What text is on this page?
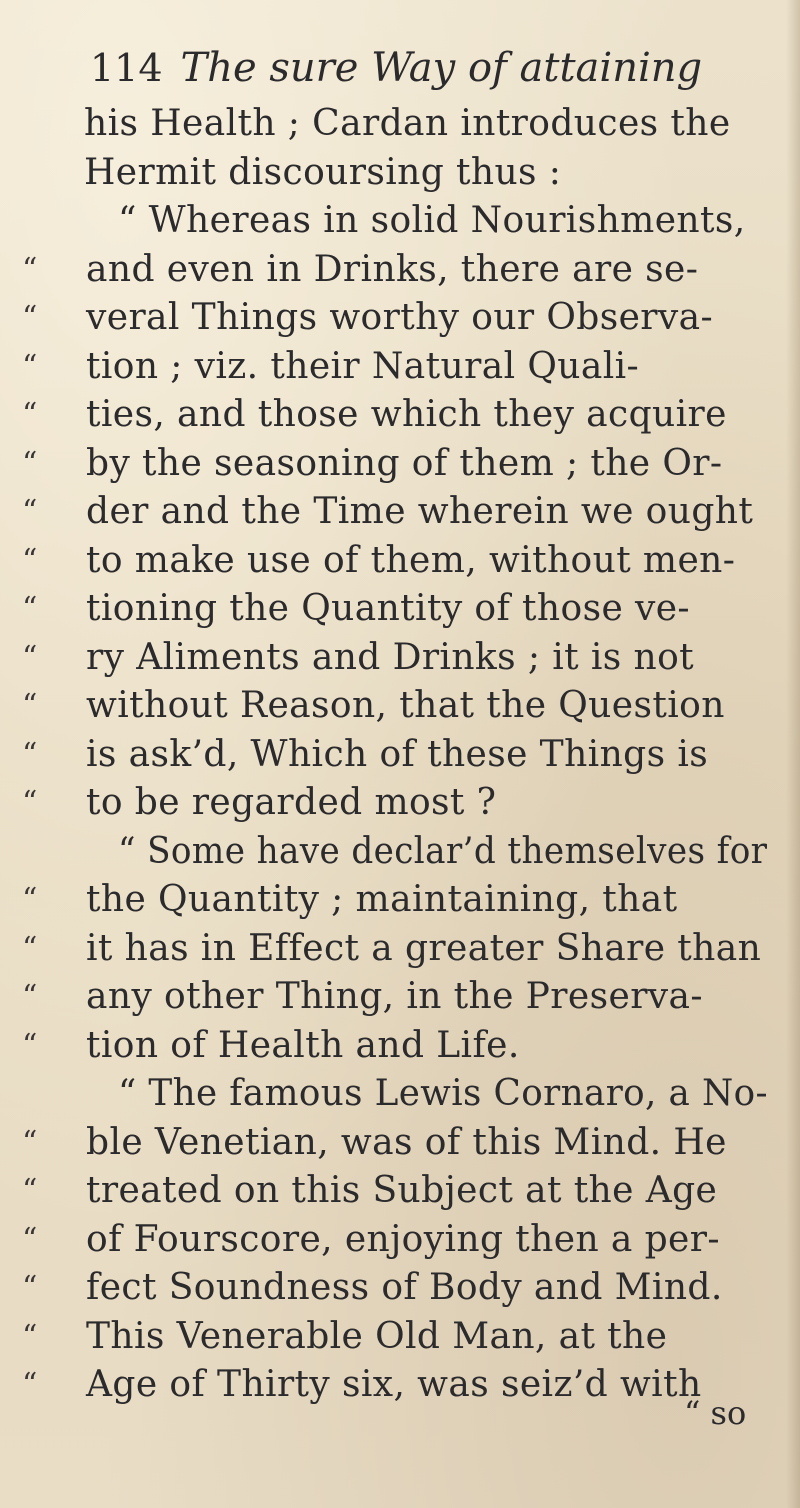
114 The sure Way of attaining
his Health ; Cardan introduces the
Hermit discoursing thus :
“ Whereas in solid Nourishments,
and even in Drinks, there are se-
“
veral Things worthy our Observa-
“
tion ; viz. their Natural Quali-
“
ties, and those which they acquire
“
by the seasoning of them ; the Or-
“
der and the Time wherein we ought
“
to make use of them, without men-
“
tioning the Quantity of those ve-
“
ry Aliments and Drinks ; it is not
“
without Reason, that the Question
“
is ask’d, Which of these Things is
“
to be regarded most ?
“
“ Some have declar’d themselves for
the Quantity ; maintaining, that
“
it has in Effect a greater Share than
“
any other Thing, in the Preserva-
“
tion of Health and Life.
“
“ The famous Lewis Cornaro, a No-
ble Venetian, was of this Mind. He
“
treated on this Subject at the Age
“
of Fourscore, enjoying then a per-
“
fect Soundness of Body and Mind.
“
This Venerable Old Man, at the
“
Age of Thirty six, was seiz’d with
“
“ so
